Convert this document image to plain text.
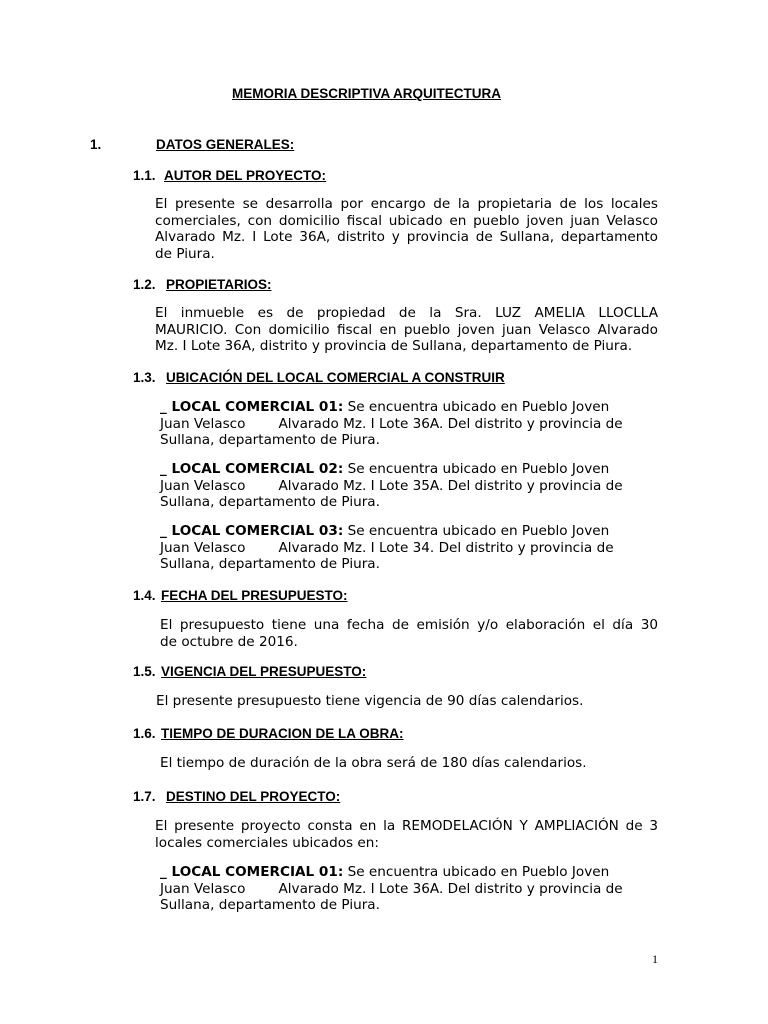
MEMORIA DESCRIPTIVA ARQUITECTURA
1.	DATOS GENERALES:
1.1. AUTOR DEL PROYECTO:
El presente se desarrolla por encargo de la propietaria de los locales
comerciales, con domicilio fiscal ubicado en pueblo joven juan Velasco
Alvarado Mz. I Lote 36A, distrito y provincia de Sullana, departamento
de Piura.
1.2. PROPIETARIOS:
El inmueble es de propiedad de la Sra. LUZ AMELIA LLOCLLA
MAURICIO. Con domicilio fiscal en pueblo joven juan Velasco Alvarado
Mz. I Lote 36A, distrito y provincia de Sullana, departamento de Piura.
1.3. UBICACIÓN DEL LOCAL COMERCIAL A CONSTRUIR
_ LOCAL COMERCIAL 01: Se encuentra ubicado en Pueblo Joven
Juan Velasco Alvarado Mz. I Lote 36A. Del distrito y provincia de
Sullana, departamento de Piura.
_ LOCAL COMERCIAL 02: Se encuentra ubicado en Pueblo Joven
Juan Velasco Alvarado Mz. I Lote 35A. Del distrito y provincia de
Sullana, departamento de Piura.
_ LOCAL COMERCIAL 03: Se encuentra ubicado en Pueblo Joven
Juan Velasco Alvarado Mz. I Lote 34. Del distrito y provincia de
Sullana, departamento de Piura.
1.4. FECHA DEL PRESUPUESTO:
El presupuesto tiene una fecha de emisión y/o elaboración el día 30
de octubre de 2016.
1.5. VIGENCIA DEL PRESUPUESTO:
El presente presupuesto tiene vigencia de 90 días calendarios.
1.6. TIEMPO DE DURACION DE LA OBRA:
El tiempo de duración de la obra será de 180 días calendarios.
1.7. DESTINO DEL PROYECTO:
El presente proyecto consta en la REMODELACIÓN Y AMPLIACIÓN de 3
locales comerciales ubicados en:
_ LOCAL COMERCIAL 01: Se encuentra ubicado en Pueblo Joven
Juan Velasco Alvarado Mz. I Lote 36A. Del distrito y provincia de
Sullana, departamento de Piura.
1
